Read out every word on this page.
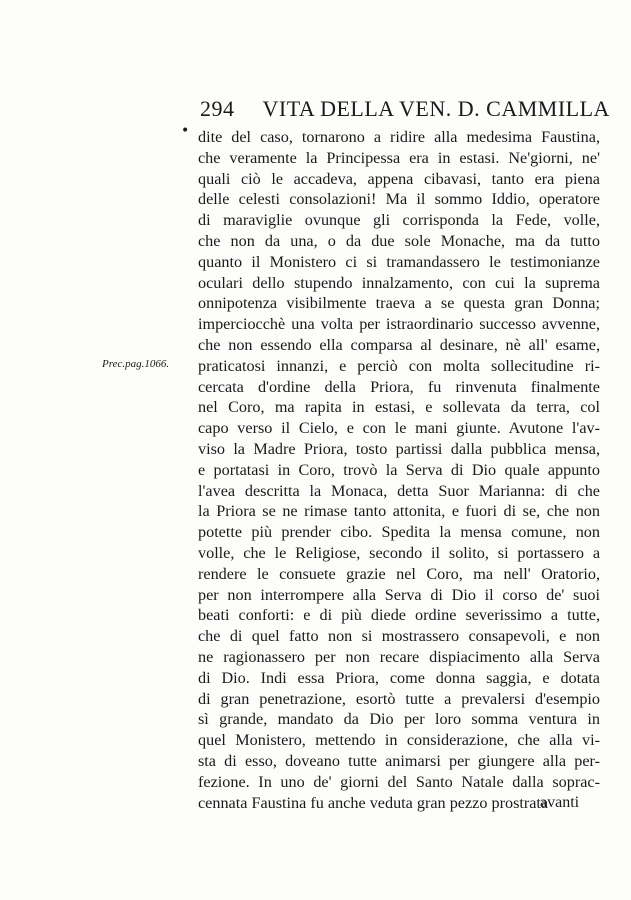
294 VITA DELLA VEN. D. CAMMILLA
•
Prec.pag.1066.
dite del caso, tornarono a ridire alla medesima Faustina,
che veramente la Principessa era in estasi. Ne'giorni, ne'
quali ciò le accadeva, appena cibavasi, tanto era piena
delle celesti consolazioni! Ma il sommo Iddio, operatore
di maraviglie ovunque gli corrisponda la Fede, volle,
che non da una, o da due sole Monache, ma da tutto
quanto il Monistero ci si tramandassero le testimonianze
oculari dello stupendo innalzamento, con cui la suprema
onnipotenza visibilmente traeva a se questa gran Donna;
imperciocchè una volta per istraordinario successo avvenne,
che non essendo ella comparsa al desinare, nè all' esame,
praticatosi innanzi, e perciò con molta sollecitudine ri-
cercata d'ordine della Priora, fu rinvenuta finalmente
nel Coro, ma rapita in estasi, e sollevata da terra, col
capo verso il Cielo, e con le mani giunte. Avutone l'av-
viso la Madre Priora, tosto partissi dalla pubblica mensa,
e portatasi in Coro, trovò la Serva di Dio quale appunto
l'avea descritta la Monaca, detta Suor Marianna: di che
la Priora se ne rimase tanto attonita, e fuori di se, che non
potette più prender cibo. Spedita la mensa comune, non
volle, che le Religiose, secondo il solito, si portassero a
rendere le consuete grazie nel Coro, ma nell' Oratorio,
per non interrompere alla Serva di Dio il corso de' suoi
beati conforti: e di più diede ordine severissimo a tutte,
che di quel fatto non si mostrassero consapevoli, e non
ne ragionassero per non recare dispiacimento alla Serva
di Dio. Indi essa Priora, come donna saggia, e dotata
di gran penetrazione, esortò tutte a prevalersi d'esempio
sì grande, mandato da Dio per loro somma ventura in
quel Monistero, mettendo in considerazione, che alla vi-
sta di esso, doveano tutte animarsi per giungere alla per-
fezione. In uno de' giorni del Santo Natale dalla soprac-
cennata Faustina fu anche veduta gran pezzo prostrata
avanti
